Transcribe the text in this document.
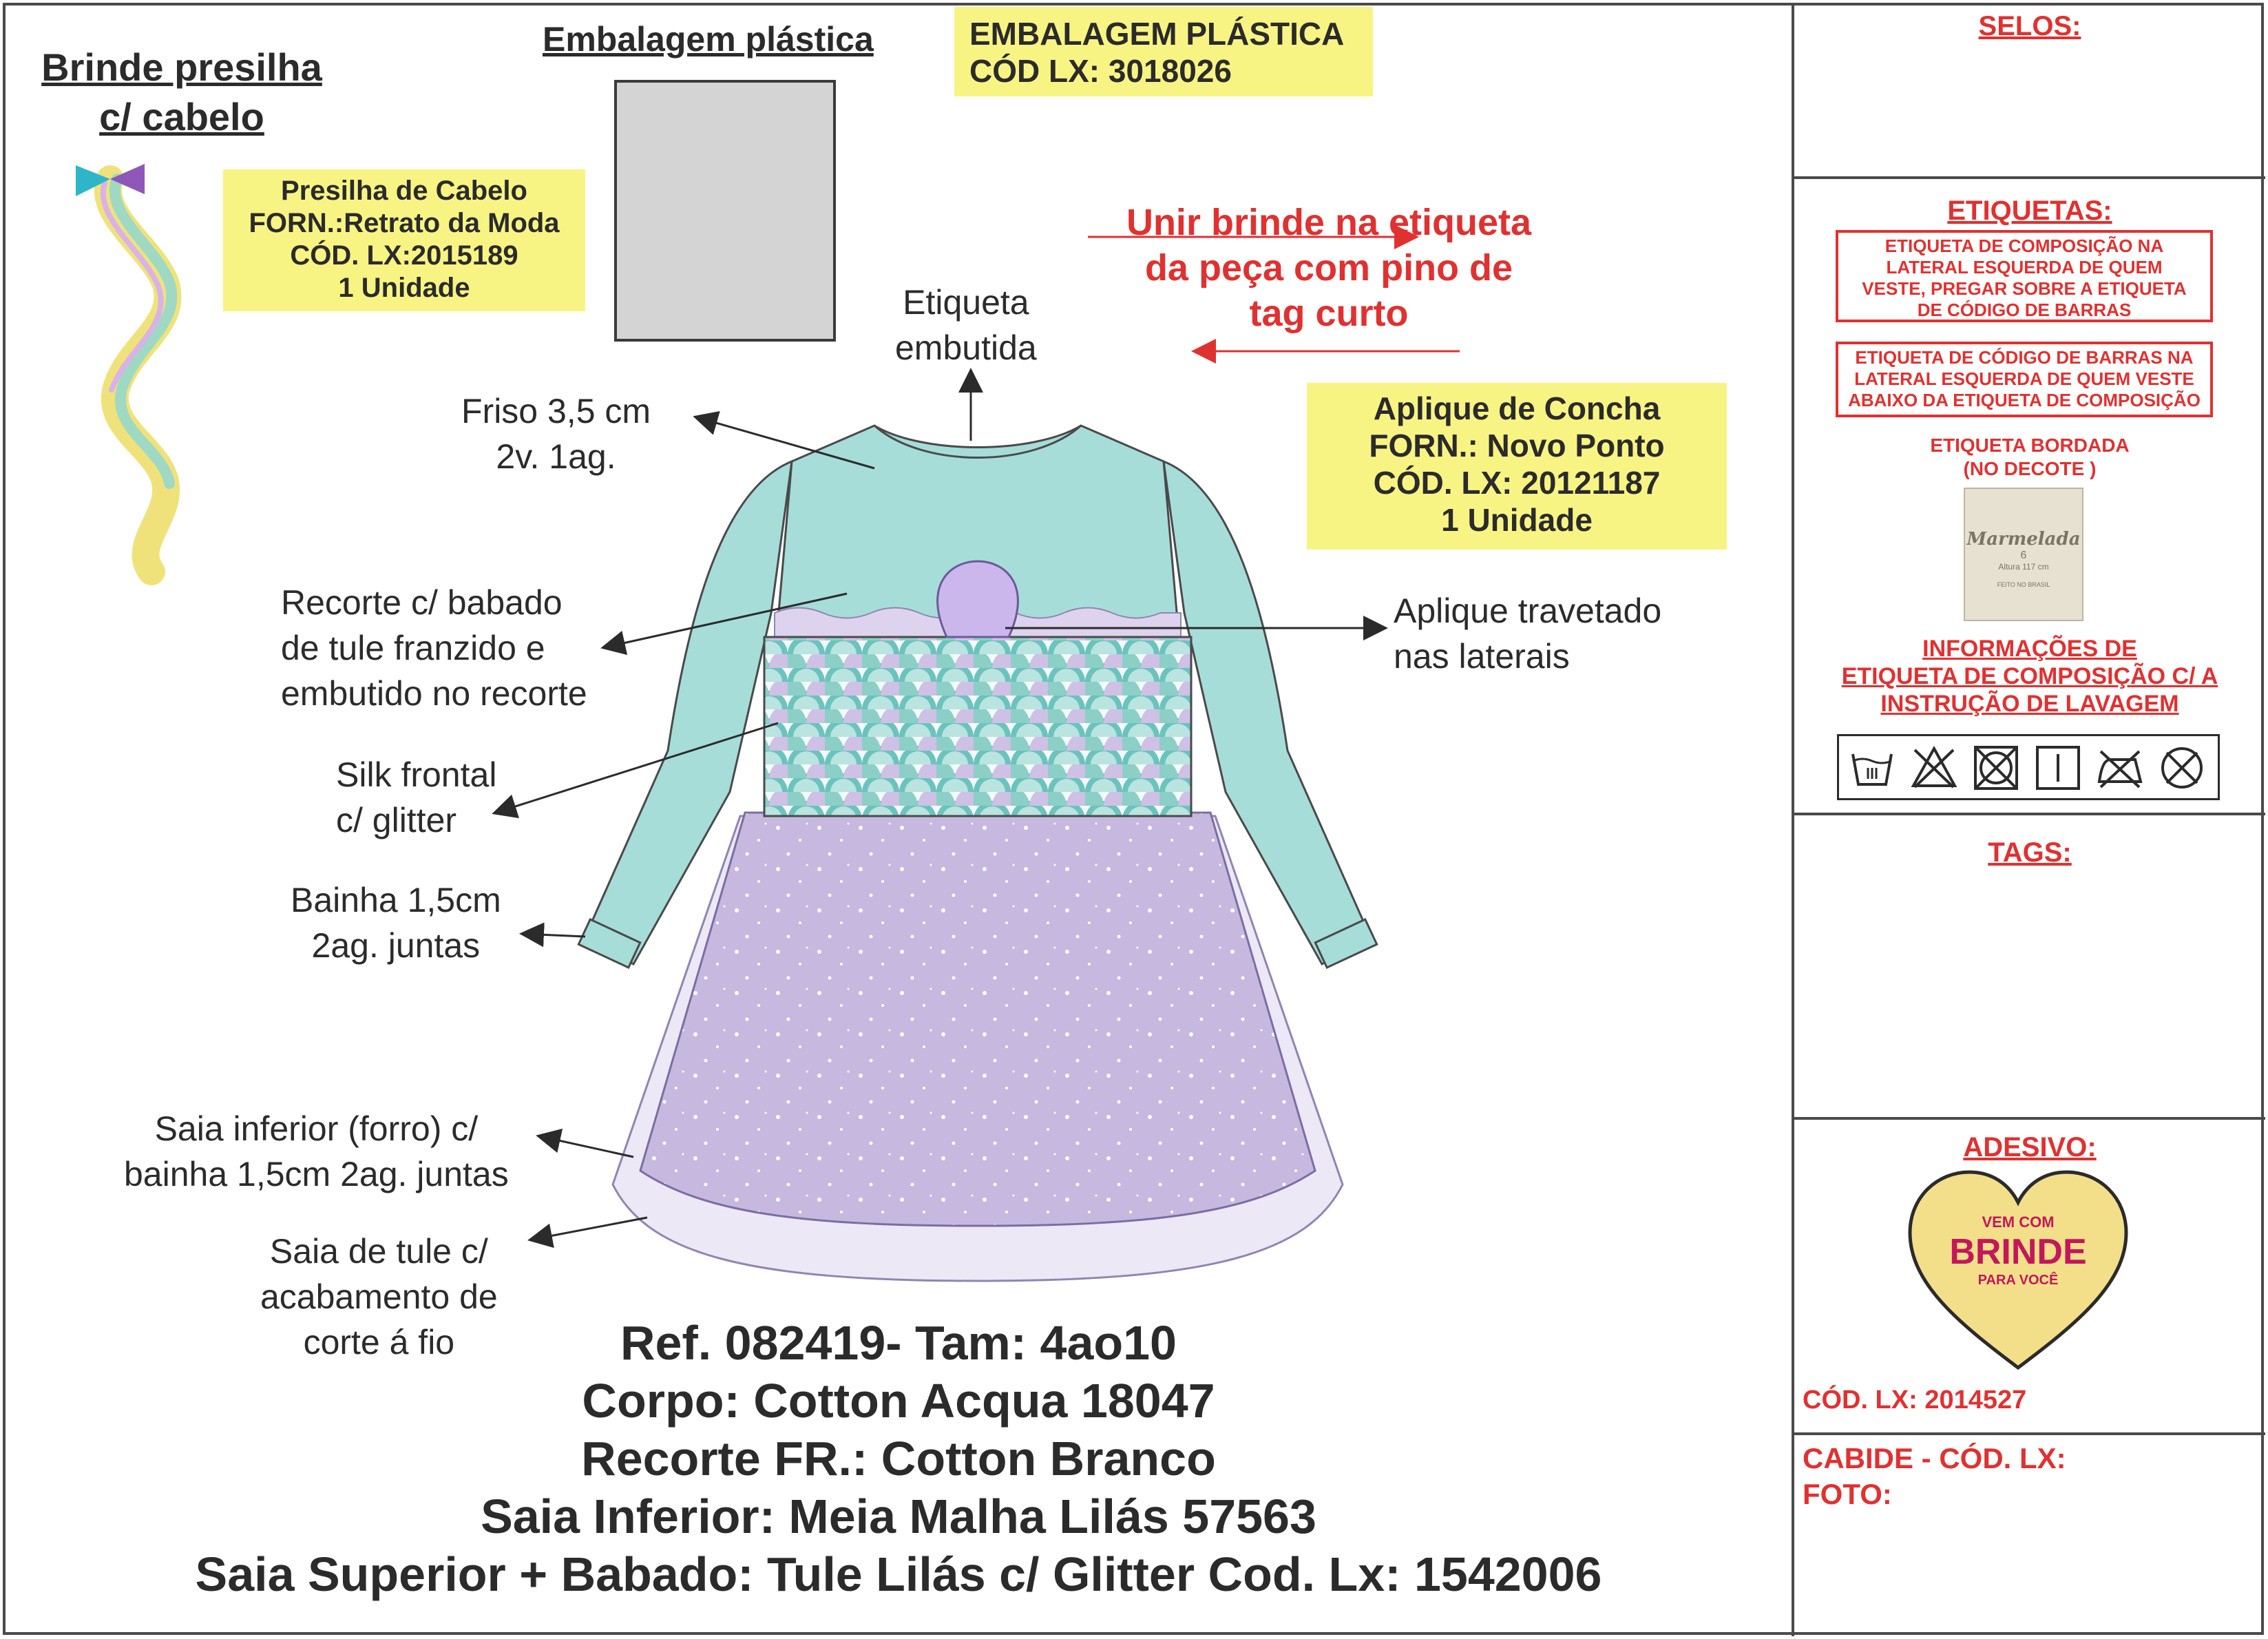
Brinde presilha
c/ cabelo
Presilha de Cabelo
FORN.:Retrato da Moda
CÓD. LX:2015189
1 Unidade
Embalagem plástica	EMBALAGEM PLÁSTICA
CÓD LX: 3018026
Unir brinde na etiqueta
da peça com pino de
tag curto
Aplique de Concha
FORN.: Novo Ponto
CÓD. LX: 20121187
1 Unidade
Etiqueta
embutida
Friso 3,5 cm
2v. 1ag.
Recorte c/ babado
de tule franzido e
embutido no recorte
Silk frontal
c/ glitter
Bainha 1,5cm
2ag. juntas
Saia inferior (forro) c/
bainha 1,5cm 2ag. juntas
Saia de tule c/
acabamento de
corte á fio
Aplique travetado
nas laterais
Ref. 082419- Tam: 4ao10
Corpo: Cotton Acqua 18047
Recorte FR.: Cotton Branco
Saia Inferior: Meia Malha Lilás 57563
Saia Superior + Babado: Tule Lilás c/ Glitter Cod. Lx: 1542006
SELOS:
ETIQUETAS:
ETIQUETA DE COMPOSIÇÃO NA
LATERAL ESQUERDA DE QUEM
VESTE, PREGAR SOBRE A ETIQUETA
DE CÓDIGO DE BARRAS
ETIQUETA DE CÓDIGO DE BARRAS NA
LATERAL ESQUERDA DE QUEM VESTE
ABAIXO DA ETIQUETA DE COMPOSIÇÃO
ETIQUETA BORDADA
(NO DECOTE )
Marmelada
6
Altura 117 cm
FEITO NO BRASIL
INFORMAÇÕES DE
ETIQUETA DE COMPOSIÇÃO C/ A
INSTRUÇÃO DE LAVAGEM
TAGS:
ADESIVO:
VEM COM
BRINDE
PARA VOCÊ
CÓD. LX: 2014527
CABIDE - CÓD. LX:
FOTO:
